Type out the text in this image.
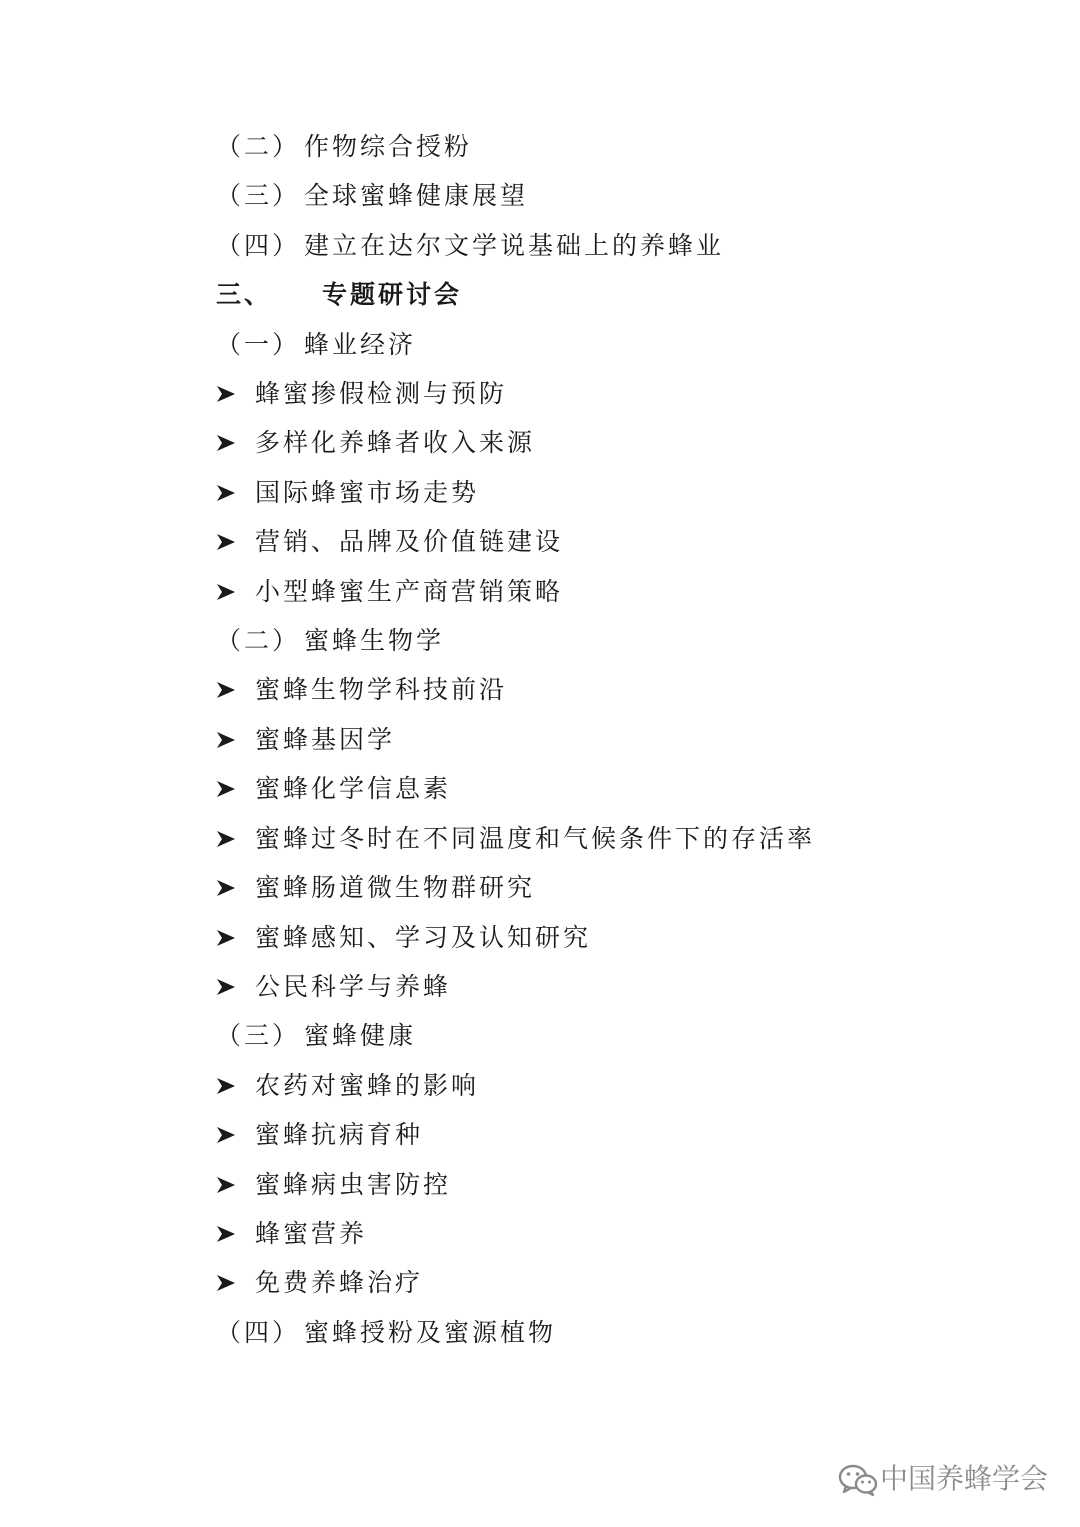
（二） 作物综合授粉
（三） 全球蜜蜂健康展望
（四） 建立在达尔文学说基础上的养蜂业
三、 专题研讨会
（一） 蜂业经济
蜂蜜掺假检测与预防
多样化养蜂者收入来源
国际蜂蜜市场走势
营销、品牌及价值链建设
小型蜂蜜生产商营销策略
（二） 蜜蜂生物学
蜜蜂生物学科技前沿
蜜蜂基因学
蜜蜂化学信息素
蜜蜂过冬时在不同温度和气候条件下的存活率
蜜蜂肠道微生物群研究
蜜蜂感知、学习及认知研究
公民科学与养蜂
（三） 蜜蜂健康
农药对蜜蜂的影响
蜜蜂抗病育种
蜜蜂病虫害防控
蜂蜜营养
免费养蜂治疗
（四） 蜜蜂授粉及蜜源植物
中国养蜂学会
